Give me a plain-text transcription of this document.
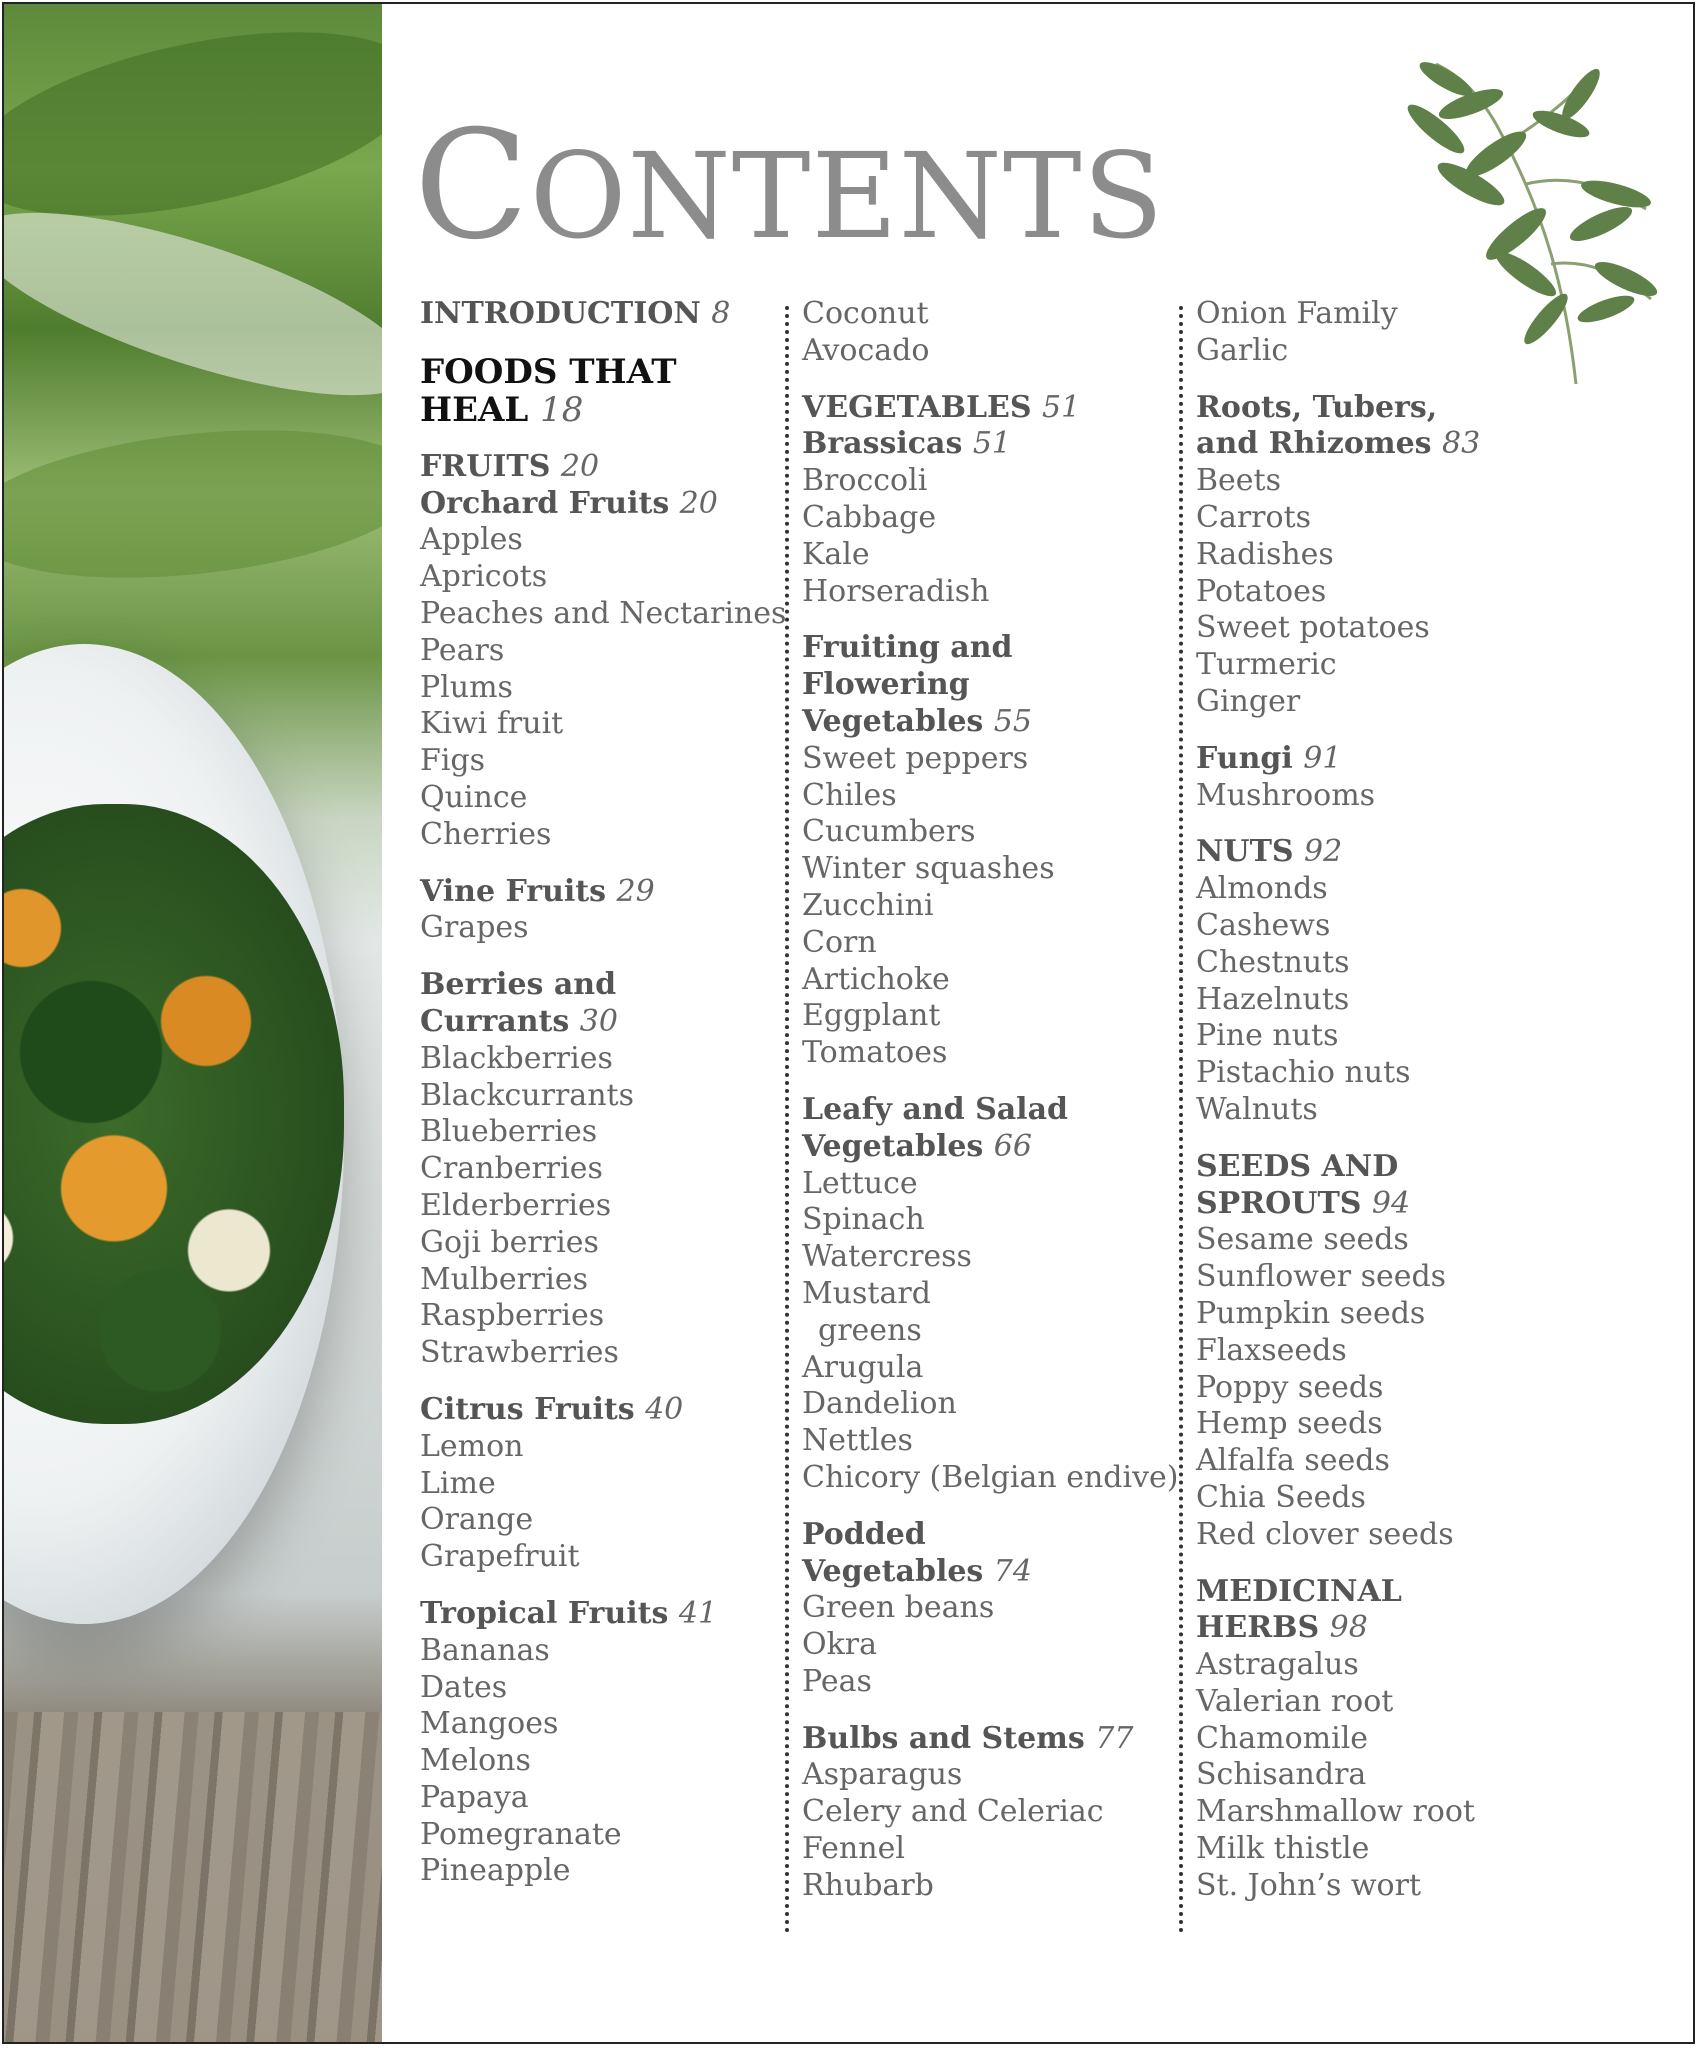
CONTENTS
INTRODUCTION 8
FOODS THAT
HEAL 18
FRUITS 20
Orchard Fruits 20
Apples
Apricots
Peaches and Nectarines
Pears
Plums
Kiwi fruit
Figs
Quince
Cherries
Vine Fruits 29
Grapes
Berries and
Currants 30
Blackberries
Blackcurrants
Blueberries
Cranberries
Elderberries
Goji berries
Mulberries
Raspberries
Strawberries
Citrus Fruits 40
Lemon
Lime
Orange
Grapefruit
Tropical Fruits 41
Bananas
Dates
Mangoes
Melons
Papaya
Pomegranate
Pineapple
Coconut
Avocado
VEGETABLES 51
Brassicas 51
Broccoli
Cabbage
Kale
Horseradish
Fruiting and
Flowering
Vegetables 55
Sweet peppers
Chiles
Cucumbers
Winter squashes
Zucchini
Corn
Artichoke
Eggplant
Tomatoes
Leafy and Salad
Vegetables 66
Lettuce
Spinach
Watercress
Mustard
greens
Arugula
Dandelion
Nettles
Chicory (Belgian endive)
Podded
Vegetables 74
Green beans
Okra
Peas
Bulbs and Stems 77
Asparagus
Celery and Celeriac
Fennel
Rhubarb
Onion Family
Garlic
Roots, Tubers,
and Rhizomes 83
Beets
Carrots
Radishes
Potatoes
Sweet potatoes
Turmeric
Ginger
Fungi 91
Mushrooms
NUTS 92
Almonds
Cashews
Chestnuts
Hazelnuts
Pine nuts
Pistachio nuts
Walnuts
SEEDS AND
SPROUTS 94
Sesame seeds
Sunflower seeds
Pumpkin seeds
Flaxseeds
Poppy seeds
Hemp seeds
Alfalfa seeds
Chia Seeds
Red clover seeds
MEDICINAL
HERBS 98
Astragalus
Valerian root
Chamomile
Schisandra
Marshmallow root
Milk thistle
St. John’s wort
